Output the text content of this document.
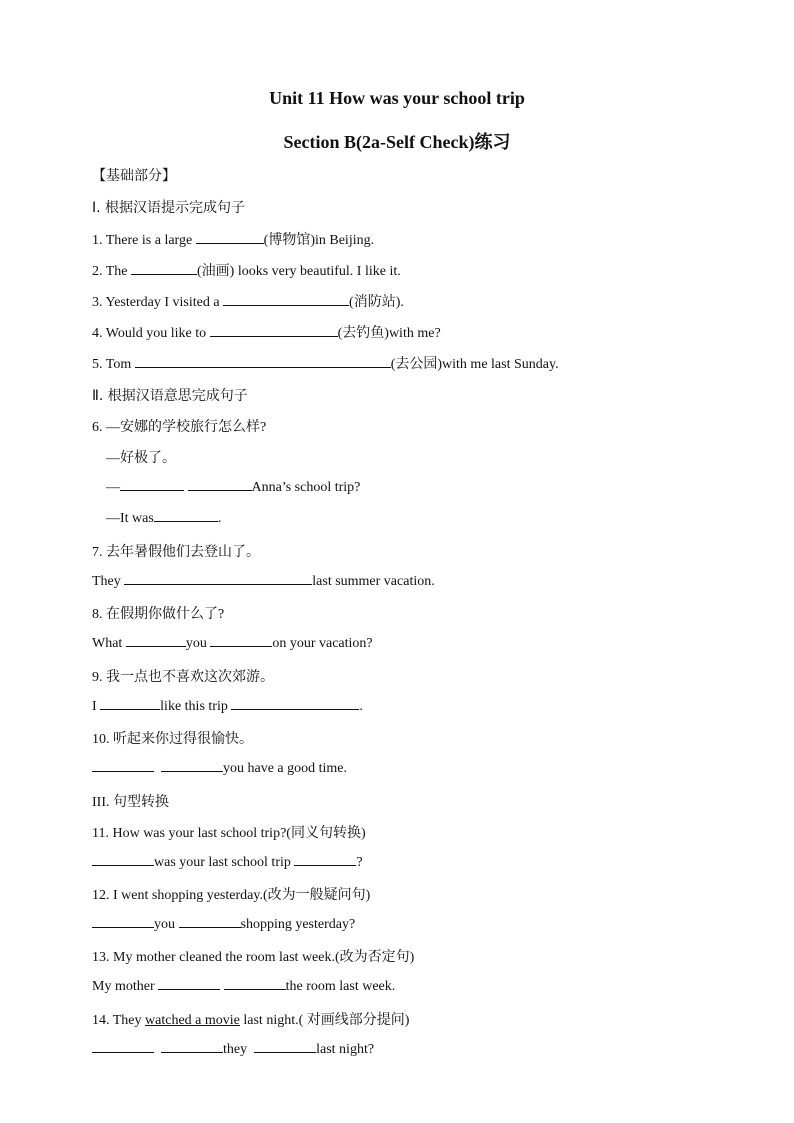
Unit 11 How was your school trip
Section B(2a-Self Check)练习
【基础部分】
Ⅰ. 根据汉语提示完成句子
1. There is a large	(博物馆)in Beijing.
2. The	(油画) looks very beautiful. I like it.
3. Yesterday I visited a	(消防站).
4. Would you like to	(去钓鱼)with me?
5. Tom	(去公园)with me last Sunday.
Ⅱ. 根据汉语意思完成句子
6. —安娜的学校旅行怎么样?
—好极了。
—	Anna’s school trip?
—It was	.
7. 去年暑假他们去登山了。
They	last summer vacation.
8. 在假期你做什么了?
What	you	on your vacation?
9. 我一点也不喜欢这次郊游。
I	like this trip	.
10. 听起来你过得很愉快。
you have a good time.
III. 句型转换
11. How was your last school trip?(同义句转换)
was your last school trip	?
12. I went shopping yesterday.(改为一般疑问句)
you	shopping yesterday?
13. My mother cleaned the room last week.(改为否定句)
My mother	the room last week.
14. They watched a movie last night.( 对画线部分提问)
they	last night?
